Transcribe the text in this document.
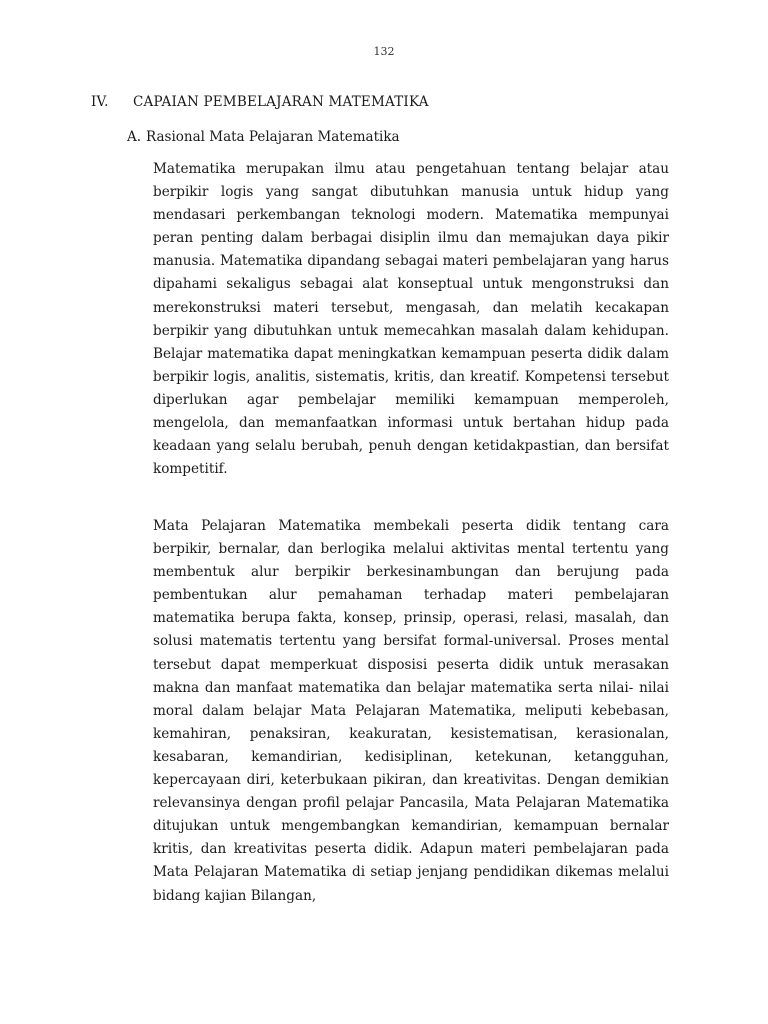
132
IV. CAPAIAN PEMBELAJARAN MATEMATIKA
A. Rasional Mata Pelajaran Matematika

Matematika merupakan ilmu atau pengetahuan tentang belajar atau berpikir logis yang sangat dibutuhkan manusia untuk hidup yang mendasari perkembangan teknologi modern. Matematika mempunyai peran penting dalam berbagai disiplin ilmu dan memajukan daya pikir manusia. Matematika dipandang sebagai materi pembelajaran yang harus dipahami sekaligus sebagai alat konseptual untuk mengonstruksi dan merekonstruksi materi tersebut, mengasah, dan melatih kecakapan berpikir yang dibutuhkan untuk memecahkan masalah dalam kehidupan. Belajar matematika dapat meningkatkan kemampuan peserta didik dalam berpikir logis, analitis, sistematis, kritis, dan kreatif. Kompetensi tersebut diperlukan agar pembelajar memiliki kemampuan memperoleh, mengelola, dan memanfaatkan informasi untuk bertahan hidup pada keadaan yang selalu berubah, penuh dengan ketidakpastian, dan bersifat kompetitif.

Mata Pelajaran Matematika membekali peserta didik tentang cara berpikir, bernalar, dan berlogika melalui aktivitas mental tertentu yang membentuk alur berpikir berkesinambungan dan berujung pada pembentukan alur pemahaman terhadap materi pembelajaran matematika berupa fakta, konsep, prinsip, operasi, relasi, masalah, dan solusi matematis tertentu yang bersifat formal-universal. Proses mental tersebut dapat memperkuat disposisi peserta didik untuk merasakan makna dan manfaat matematika dan belajar matematika serta nilai- nilai moral dalam belajar Mata Pelajaran Matematika, meliputi kebebasan, kemahiran, penaksiran, keakuratan, kesistematisan, kerasionalan, kesabaran, kemandirian, kedisiplinan, ketekunan, ketangguhan, kepercayaan diri, keterbukaan pikiran, dan kreativitas. Dengan demikian relevansinya dengan profil pelajar Pancasila, Mata Pelajaran Matematika ditujukan untuk mengembangkan kemandirian, kemampuan bernalar kritis, dan kreativitas peserta didik. Adapun materi pembelajaran pada Mata Pelajaran Matematika di setiap jenjang pendidikan dikemas melalui bidang kajian Bilangan,
